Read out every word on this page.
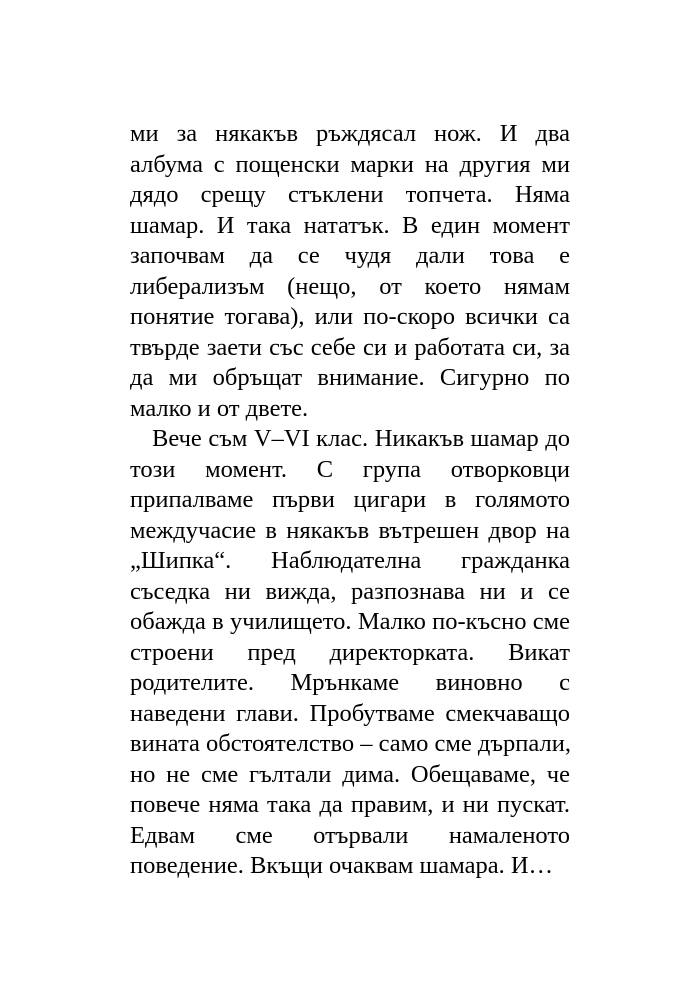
ми за някакъв ръждясал нож. И два
албума с пощенски марки на другия ми
дядо срещу стъклени топчета. Няма
шамар. И така нататък. В един момент
започвам да се чудя дали това е
либерализъм (нещо, от което нямам
понятие тогава), или по-скоро всички са
твърде заети със себе си и работата си, за
да ми обръщат внимание. Сигурно по
малко и от двете.
Вече съм V–VI клас. Никакъв шамар до
този момент. С група отворковци
припалваме първи цигари в голямото
междучасие в някакъв вътрешен двор на
„Шипка“. Наблюдателна гражданка
съседка ни вижда, разпознава ни и се
обажда в училището. Малко по-късно сме
строени пред директорката. Викат
родителите. Мрънкаме виновно с
наведени глави. Пробутваме смекчаващо
вината обстоятелство – само сме дърпали,
но не сме гълтали дима. Обещаваме, че
повече няма така да правим, и ни пускат.
Едвам сме отървали намаленото
поведение. Вкъщи очаквам шамара. И…
